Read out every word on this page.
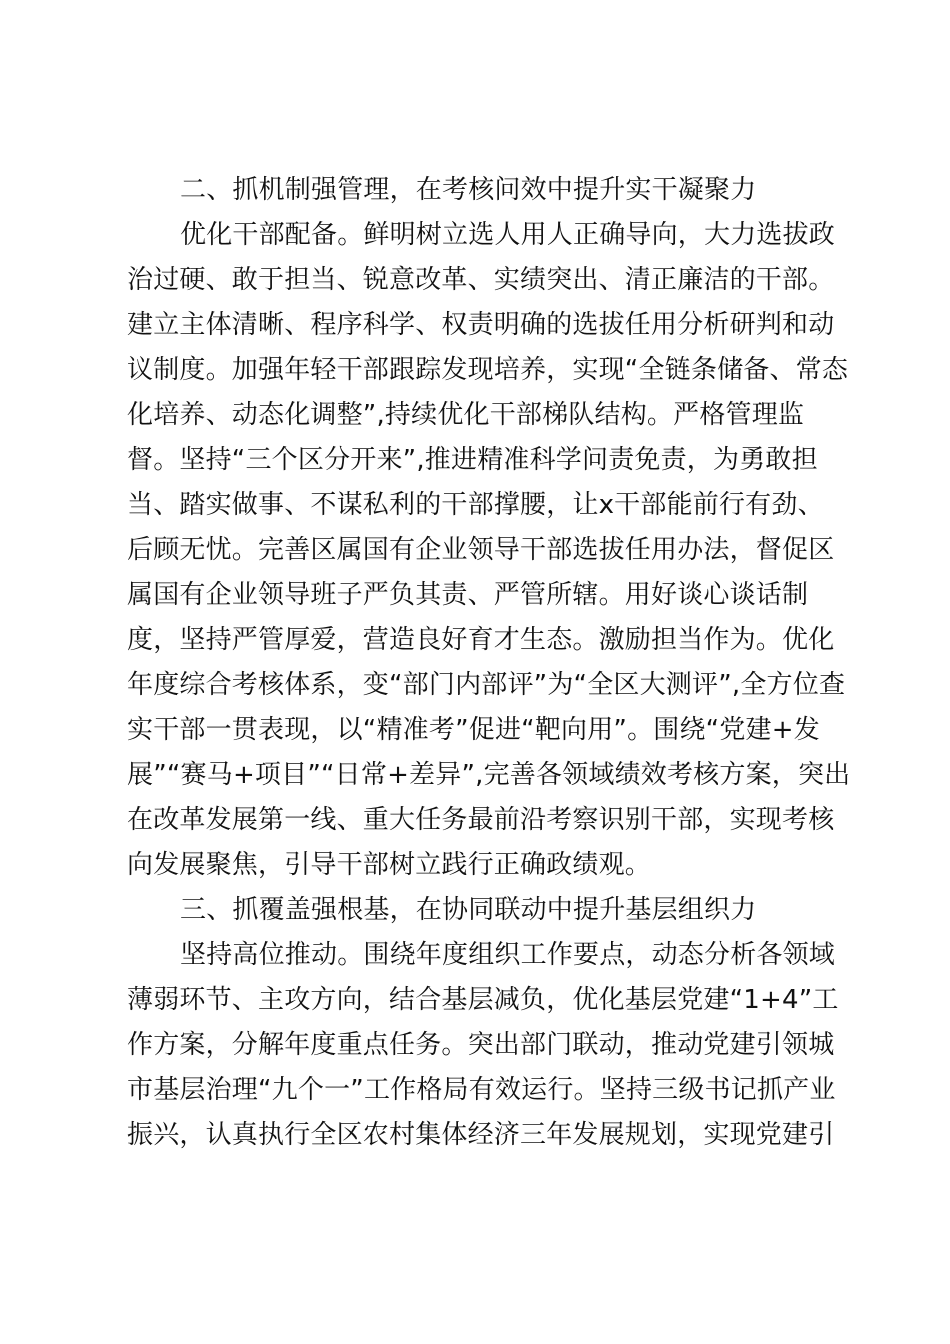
二、抓机制强管理，在考核问效中提升实干凝聚力
优化干部配备。鲜明树立选人用人正确导向，大力选拔政
治过硬、敢于担当、锐意改革、实绩突出、清正廉洁的干部。
建立主体清晰、程序科学、权责明确的选拔任用分析研判和动
议制度。加强年轻干部跟踪发现培养，实现“全链条储备、常态
化培养、动态化调整”,持续优化干部梯队结构。严格管理监
督。坚持“三个区分开来”,推进精准科学问责免责，为勇敢担
当、踏实做事、不谋私利的干部撑腰，让x干部能前行有劲、
后顾无忧。完善区属国有企业领导干部选拔任用办法，督促区
属国有企业领导班子严负其责、严管所辖。用好谈心谈话制
度，坚持严管厚爱，营造良好育才生态。激励担当作为。优化
年度综合考核体系，变“部门内部评”为“全区大测评”,全方位查
实干部一贯表现，以“精准考”促进“靶向用”。围绕“党建+发
展”“赛马+项目”“日常+差异”,完善各领域绩效考核方案，突出
在改革发展第一线、重大任务最前沿考察识别干部，实现考核
向发展聚焦，引导干部树立践行正确政绩观。
三、抓覆盖强根基，在协同联动中提升基层组织力
坚持高位推动。围绕年度组织工作要点，动态分析各领域
薄弱环节、主攻方向，结合基层减负，优化基层党建“1+4”工
作方案，分解年度重点任务。突出部门联动，推动党建引领城
市基层治理“九个一”工作格局有效运行。坚持三级书记抓产业
振兴，认真执行全区农村集体经济三年发展规划，实现党建引
